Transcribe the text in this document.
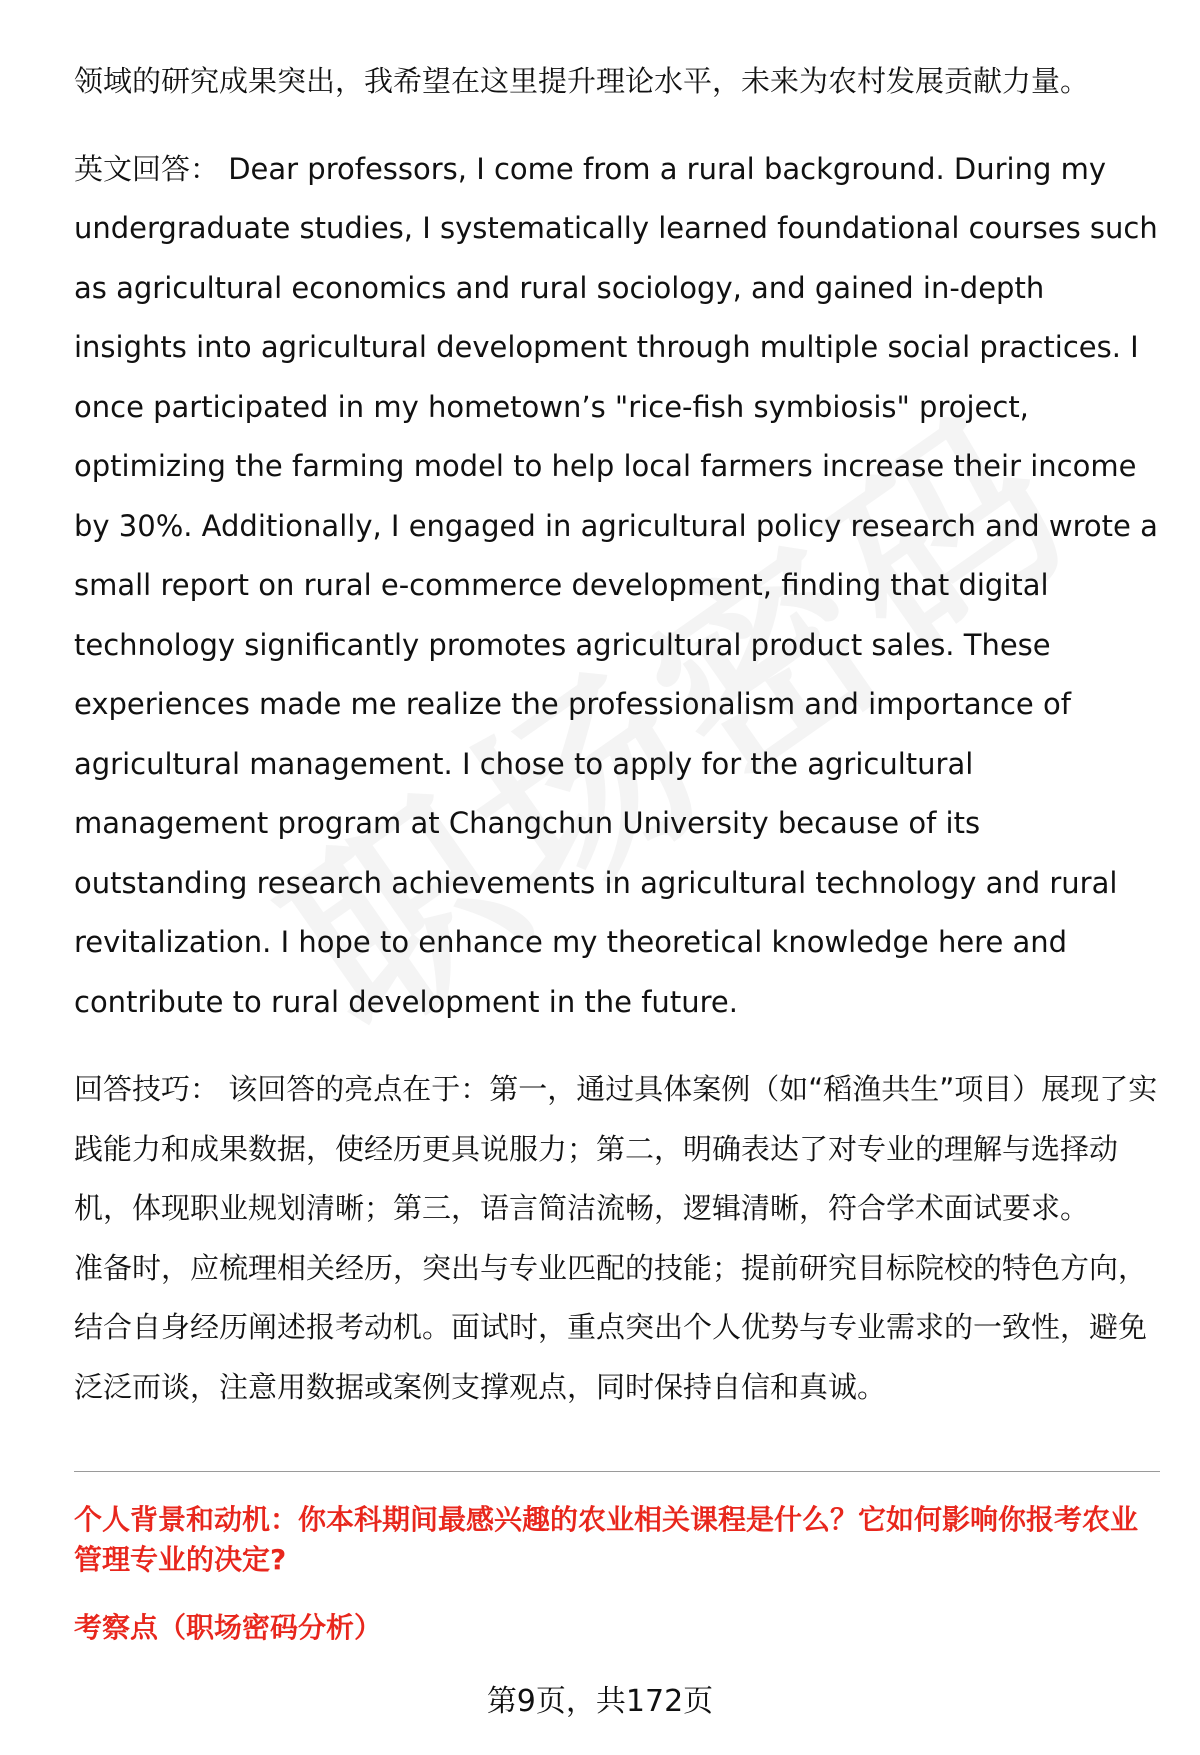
领域的研究成果突出，我希望在这里提升理论水平，未来为农村发展贡献力量。

英文回答： Dear professors, I come from a rural background. During my undergraduate studies, I systematically learned foundational courses such as agricultural economics and rural sociology, and gained in-depth insights into agricultural development through multiple social practices. I once participated in my hometown’s "rice-fish symbiosis" project, optimizing the farming model to help local farmers increase their income by 30%. Additionally, I engaged in agricultural policy research and wrote a small report on rural e-commerce development, finding that digital technology significantly promotes agricultural product sales. These experiences made me realize the professionalism and importance of agricultural management. I chose to apply for the agricultural management program at Changchun University because of its outstanding research achievements in agricultural technology and rural revitalization. I hope to enhance my theoretical knowledge here and contribute to rural development in the future.

回答技巧： 该回答的亮点在于：第一，通过具体案例（如“稻渔共生”项目）展现了实践能力和成果数据，使经历更具说服力；第二，明确表达了对专业的理解与选择动机，体现职业规划清晰；第三，语言简洁流畅，逻辑清晰，符合学术面试要求。

准备时，应梳理相关经历，突出与专业匹配的技能；提前研究目标院校的特色方向，结合自身经历阐述报考动机。面试时，重点突出个人优势与专业需求的一致性，避免泛泛而谈，注意用数据或案例支撑观点，同时保持自信和真诚。

个人背景和动机：你本科期间最感兴趣的农业相关课程是什么？它如何影响你报考农业管理专业的决定?
考察点（职场密码分析）
第9页，共172页
